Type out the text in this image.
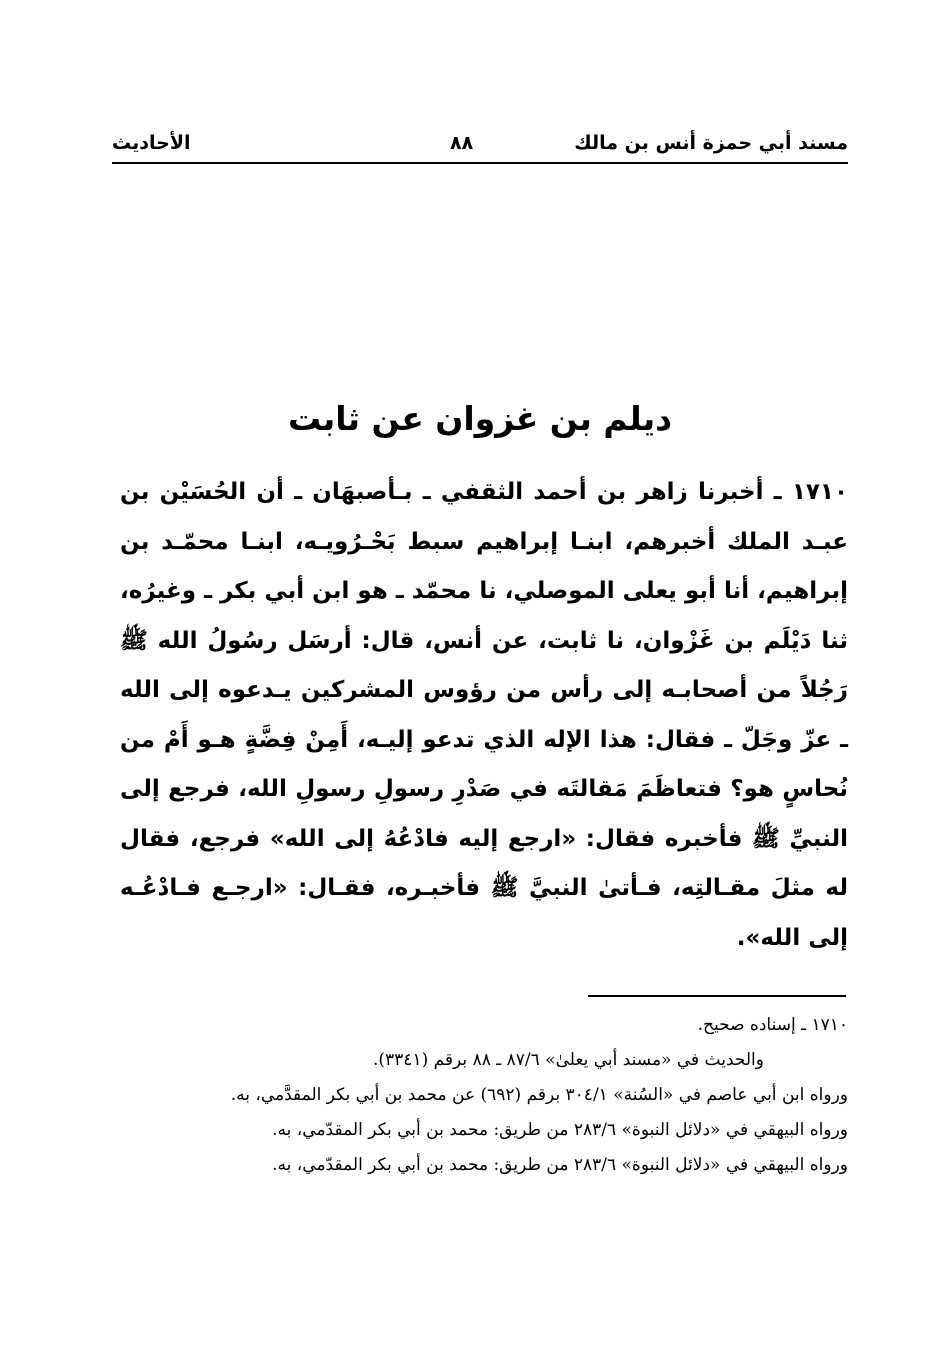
مسند أبي حمزة أنس بن مالك
٨٨
الأحاديث
ديلم بن غزوان عن ثابت
١٧١٠ ـ أخبرنا زاهر بن أحمد الثقفي ـ بـأصبهَان ـ أن الحُسَيْن بن عبـد الملك أخبرهم، ابنـا إبراهيم سبط بَحْـرُويـه، ابنـا محمّـد بن إبراهيم، أنا أبو يعلى الموصلي، نا محمّد ـ هو ابن أبي بكر ـ وغيرُه، ثنا دَيْلَم بن غَزْوان، نا ثابت، عن أنس، قال: أرسَل رسُولُ الله ﷺ رَجُلاً من أصحابـه إلى رأس من رؤوس المشركين يـدعوه إلى الله ـ عزّ وجَلّ ـ فقال: هذا الإله الذي تدعو إليـه، أَمِنْ فِضَّةٍ هـو أَمْ من نُحاسٍ هو؟ فتعاظَمَ مَقالتَه في صَدْرِ رسولِ رسولِ الله، فرجع إلى النبيِّ ﷺ فأخبره فقال: «ارجع إليه فادْعُهُ إلى الله» فرجع، فقال له مثلَ مقـالتِه، فـأتىٰ النبيَّ ﷺ فأخبـره، فقـال: «ارجـع فـادْعُـه إلى الله».
١٧١٠ ـ إسناده صحيح.
والحديث في «مسند أبي يعلىٰ» ٨٧/٦ ـ ٨٨ برقم (٣٣٤١).
ورواه ابن أبي عاصم في «السُنة» ٣٠٤/١ برقم (٦٩٢) عن محمد بن أبي بكر المقدَّمي، به.
ورواه البيهقي في «دلائل النبوة» ٢٨٣/٦ من طريق: محمد بن أبي بكر المقدّمي، به.
ورواه البيهقي في «دلائل النبوة» ٢٨٣/٦ من طريق: محمد بن أبي بكر المقدّمي، به.
